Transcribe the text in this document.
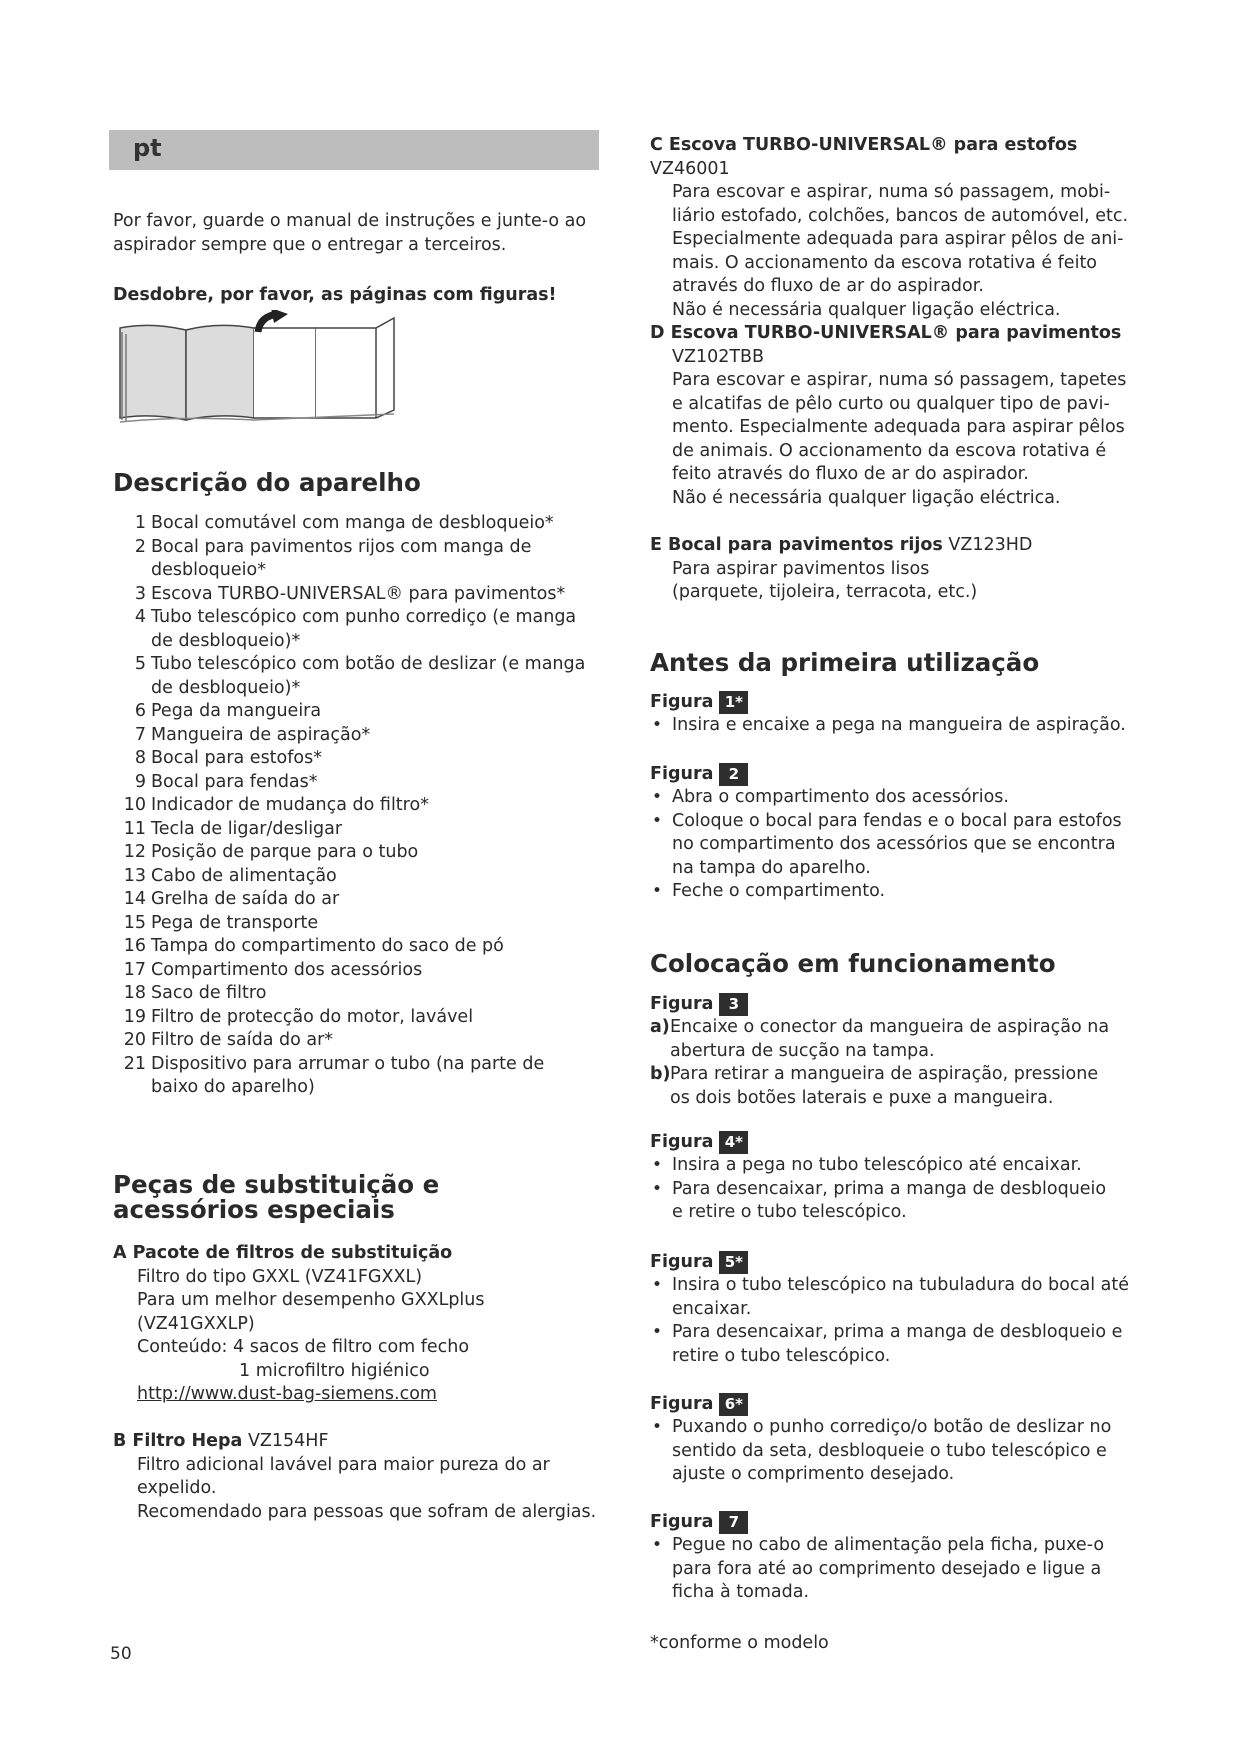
pt
Por favor, guarde o manual de instruções e junte-o ao aspirador sempre que o entregar a terceiros.
Desdobre, por favor, as páginas com figuras!
Descrição do aparelho
1 Bocal comutável com manga de desbloqueio*
2 Bocal para pavimentos rijos com manga de desbloqueio*
3 Escova TURBO-UNIVERSAL® para pavimentos*
4 Tubo telescópico com punho corrediço (e manga de desbloqueio)*
5 Tubo telescópico com botão de deslizar (e manga de desbloqueio)*
6 Pega da mangueira
7 Mangueira de aspiração*
8 Bocal para estofos*
9 Bocal para fendas*
10 Indicador de mudança do filtro*
11 Tecla de ligar/desligar
12 Posição de parque para o tubo
13 Cabo de alimentação
14 Grelha de saída do ar
15 Pega de transporte
16 Tampa do compartimento do saco de pó
17 Compartimento dos acessórios
18 Saco de filtro
19 Filtro de protecção do motor, lavável
20 Filtro de saída do ar*
21 Dispositivo para arrumar o tubo (na parte de baixo do aparelho)
Peças de substituição e acessórios especiais
A Pacote de filtros de substituição
Filtro do tipo GXXL (VZ41FGXXL)
Para um melhor desempenho GXXLplus (VZ41GXXLP)
Conteúdo: 4 sacos de filtro com fecho
1 microfiltro higiénico
http://www.dust-bag-siemens.com
B Filtro Hepa VZ154HF
Filtro adicional lavável para maior pureza do ar expelido.
Recomendado para pessoas que sofram de alergias.
C Escova TURBO-UNIVERSAL® para estofos VZ46001
Para escovar e aspirar, numa só passagem, mobi-liário estofado, colchões, bancos de automóvel, etc. Especialmente adequada para aspirar pêlos de ani-mais. O accionamento da escova rotativa é feito através do fluxo de ar do aspirador.
Não é necessária qualquer ligação eléctrica.
D Escova TURBO-UNIVERSAL® para pavimentos
VZ102TBB
Para escovar e aspirar, numa só passagem, tapetes e alcatifas de pêlo curto ou qualquer tipo de pavi-mento. Especialmente adequada para aspirar pêlos de animais. O accionamento da escova rotativa é feito através do fluxo de ar do aspirador.
Não é necessária qualquer ligação eléctrica.
E Bocal para pavimentos rijos VZ123HD
Para aspirar pavimentos lisos
(parquete, tijoleira, terracota, etc.)
Antes da primeira utilização
Figura 1*
• Insira e encaixe a pega na mangueira de aspiração.
Figura	2
• Abra o compartimento dos acessórios.
• Coloque o bocal para fendas e o bocal para estofos no compartimento dos acessórios que se encontra na tampa do aparelho.
• Feche o compartimento.
Colocação em funcionamento
Figura	3
a) Encaixe o conector da mangueira de aspiração na abertura de sucção na tampa.
b) Para retirar a mangueira de aspiração, pressione os dois botões laterais e puxe a mangueira.
Figura 4*
• Insira a pega no tubo telescópico até encaixar.
• Para desencaixar, prima a manga de desbloqueio e retire o tubo telescópico.
Figura 5*
• Insira o tubo telescópico na tubuladura do bocal até encaixar.
• Para desencaixar, prima a manga de desbloqueio e retire o tubo telescópico.
Figura 6*
• Puxando o punho corrediço/o botão de deslizar no sentido da seta, desbloqueie o tubo telescópico e ajuste o comprimento desejado.
Figura	7
• Pegue no cabo de alimentação pela ficha, puxe-o para fora até ao comprimento desejado e ligue a ficha à tomada.
*conforme o modelo
50
